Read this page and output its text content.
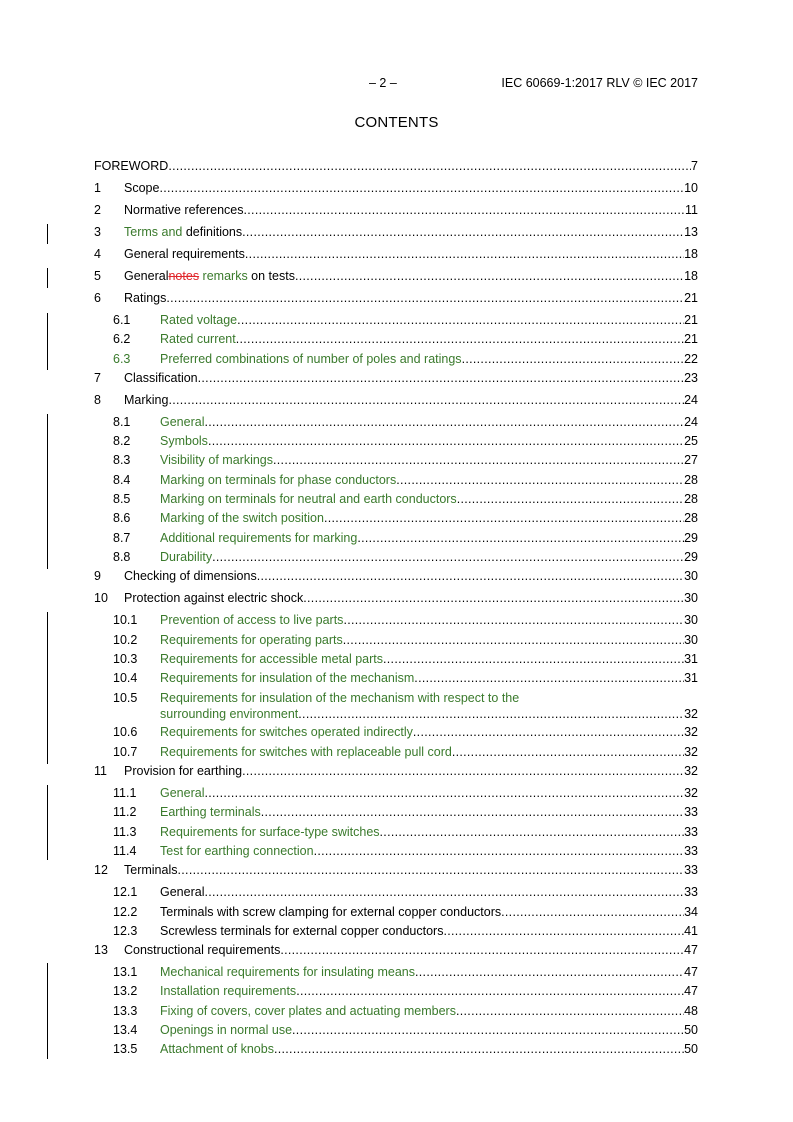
– 2 –	IEC 60669-1:2017 RLV © IEC 2017
CONTENTS
FOREWORD .....	7
1 Scope .....	10
2 Normative references .....	11
3 Terms and definitions .....	13
4 General requirements .....	18
5 Generalnotes remarks on tests .....	18
6 Ratings .....	21
6.1 Rated voltage .....	21
6.2 Rated current .....	21
6.3 Preferred combinations of number of poles and ratings .....	22
7 Classification .....	23
8 Marking .....	24
8.1 General .....	24
8.2 Symbols .....	25
8.3 Visibility of markings .....	27
8.4 Marking on terminals for phase conductors .....	28
8.5 Marking on terminals for neutral and earth conductors .....	28
8.6 Marking of the switch position .....	28
8.7 Additional requirements for marking .....	29
8.8 Durability .....	29
9 Checking of dimensions .....	30
10 Protection against electric shock .....	30
10.1 Prevention of access to live parts .....	30
10.2 Requirements for operating parts .....	30
10.3 Requirements for accessible metal parts .....	31
10.4 Requirements for insulation of the mechanism .....	31
10.5 Requirements for insulation of the mechanism with respect to the
surrounding environment .....	32
10.6 Requirements for switches operated indirectly .....	32
10.7 Requirements for switches with replaceable pull cord .....	32
11 Provision for earthing .....	32
11.1 General .....	32
11.2 Earthing terminals .....	33
11.3 Requirements for surface-type switches .....	33
11.4 Test for earthing connection .....	33
12 Terminals .....	33
12.1 General .....	33
12.2 Terminals with screw clamping for external copper conductors .....	34
12.3 Screwless terminals for external copper conductors .....	41
13 Constructional requirements .....	47
13.1 Mechanical requirements for insulating means .....	47
13.2 Installation requirements .....	47
13.3 Fixing of covers, cover plates and actuating members .....	48
13.4 Openings in normal use .....	50
13.5 Attachment of knobs .....	50
